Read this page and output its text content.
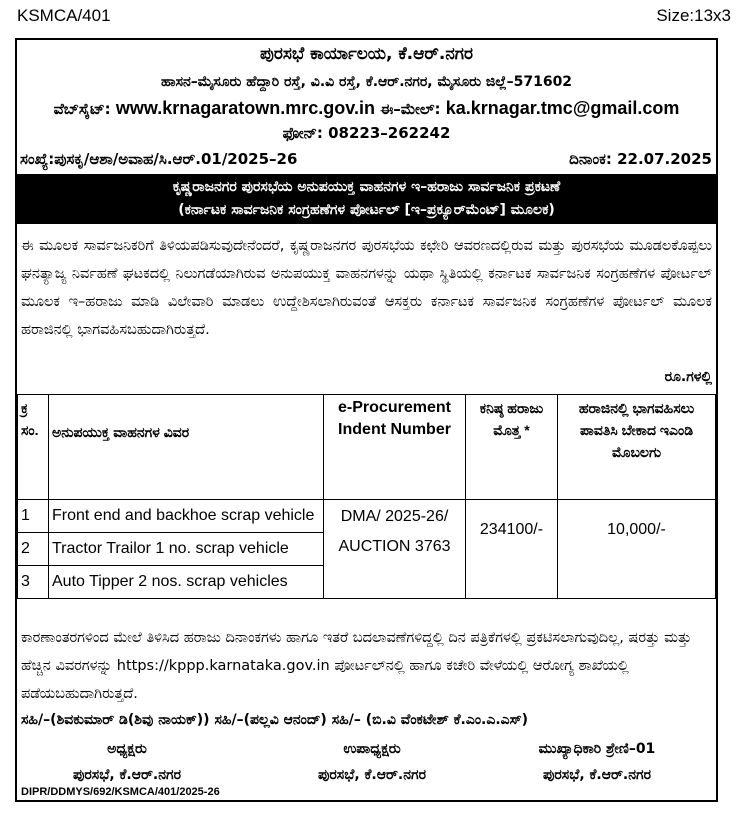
KSMCA/401	Size:13x3
ಪುರಸಭೆ ಕಾರ್ಯಾಲಯ, ಕೆ.ಆರ್.ನಗರ
ಹಾಸನ–ಮೈಸೂರು ಹೆದ್ದಾರಿ ರಸ್ತೆ, ವಿ.ವಿ ರಸ್ತೆ, ಕೆ.ಆರ್.ನಗರ, ಮೈಸೂರು ಜಿಲ್ಲೆ–571602
ವೆಬ್‌ಸೈಟ್: www.krnagaratown.mrc.gov.in ಈ–ಮೇಲ್: ka.krnagar.tmc@gmail.com
ಫೋನ್: 08223–262242
ಸಂಖ್ಯೆ:ಪುಸಕೃ/ಆಶಾ/ಅವಾಹ/ಸಿ.ಆರ್.01/2025–26	ದಿನಾಂಕ: 22.07.2025
ಕೃಷ್ಣರಾಜನಗರ ಪುರಸಭೆಯ ಅನುಪಯುಕ್ತ ವಾಹನಗಳ ಇ–ಹರಾಜು ಸಾರ್ವಜನಿಕ ಪ್ರಕಟಣೆ
(ಕರ್ನಾಟಕ ಸಾರ್ವಜನಿಕ ಸಂಗ್ರಹಣೆಗಳ ಪೋರ್ಟಲ್ [ಇ–ಪ್ರಕ್ಯೂರ್‌ಮೆಂಟ್] ಮೂಲಕ)
ಈ ಮೂಲಕ ಸಾರ್ವಜನಿಕರಿಗೆ ತಿಳಿಯಪಡಿಸುವುದೇನೆಂದರೆ, ಕೃಷ್ಣರಾಜನಗರ ಪುರಸಭೆಯ ಕಛೇರಿ ಆವರಣದಲ್ಲಿರುವ ಮತ್ತು ಪುರಸಭೆಯ ಮೂಡಲಕೊಪ್ಪಲು ಘನತ್ಯಾಜ್ಯ ನಿರ್ವಹಣೆ ಘಟಕದಲ್ಲಿ ನಿಲುಗಡೆಯಾಗಿರುವ ಅನುಪಯುಕ್ತ ವಾಹನಗಳನ್ನು ಯಥಾ ಸ್ಥಿತಿಯಲ್ಲಿ ಕರ್ನಾಟಕ ಸಾರ್ವಜನಿಕ ಸಂಗ್ರಹಣೆಗಳ ಪೋರ್ಟಲ್ ಮೂಲಕ ಇ–ಹರಾಜು ಮಾಡಿ ವಿಲೇವಾರಿ ಮಾಡಲು ಉದ್ದೇಶಿಸಲಾಗಿರುವಂತೆ ಆಸಕ್ತರು ಕರ್ನಾಟಕ ಸಾರ್ವಜನಿಕ ಸಂಗ್ರಹಣೆಗಳ ಪೋರ್ಟಲ್ ಮೂಲಕ ಹರಾಜಿನಲ್ಲಿ ಭಾಗವಹಿಸಬಹುದಾಗಿರುತ್ತದೆ.
ರೂ.ಗಳಲ್ಲಿ
ಕ್ರ ಸಂ.	ಅನುಪಯುಕ್ತ ವಾಹನಗಳ ವಿವರ	e-Procurement Indent Number	ಕನಿಷ್ಠ ಹರಾಜು ಮೊತ್ತ *	ಹರಾಜಿನಲ್ಲಿ ಭಾಗವಹಿಸಲು ಪಾವತಿಸಿ ಬೇಕಾದ ಇಎಂಡಿ ಮೊಬಲಗು
1	Front end and backhoe scrap vehicle	DMA/ 2025-26/ AUCTION 3763	234100/-	10,000/-
2	Tractor Trailor 1 no. scrap vehicle			
3	Auto Tipper 2 nos. scrap vehicles			
ಕಾರಣಾಂತರಗಳಿಂದ ಮೇಲೆ ತಿಳಿಸಿದ ಹರಾಜು ದಿನಾಂಕಗಳು ಹಾಗೂ ಇತರೆ ಬದಲಾವಣೆಗಳಿದ್ದಲ್ಲಿ ದಿನ ಪತ್ರಿಕೆಗಳಲ್ಲಿ ಪ್ರಕಟಿಸಲಾಗುವುದಿಲ್ಲ, ಷರತ್ತು ಮತ್ತು ಹೆಚ್ಚಿನ ವಿವರಗಳನ್ನು https://kppp.karnataka.gov.in ಪೋರ್ಟಲ್‌ನಲ್ಲಿ ಹಾಗೂ ಕಚೇರಿ ವೇಳೆಯಲ್ಲಿ ಆರೋಗ್ಯ ಶಾಖೆಯಲ್ಲಿ ಪಡೆಯಬಹುದಾಗಿರುತ್ತದೆ.
ಸಹಿ/–(ಶಿವಕುಮಾರ್ ಡಿ(ಶಿವು ನಾಯಕ್)) ಸಹಿ/–(ಪಲ್ಲವಿ ಆನಂದ್) ಸಹಿ/– (ಬಿ.ವಿ ವೆಂಕಟೇಶ್ ಕೆ.ಎಂ.ಎ.ಎಸ್)
ಅಧ್ಯಕ್ಷರು
ಪುರಸಭೆ, ಕೆ.ಆರ್.ನಗರ
ಉಪಾಧ್ಯಕ್ಷರು
ಪುರಸಭೆ, ಕೆ.ಆರ್.ನಗರ
ಮುಖ್ಯಾಧಿಕಾರಿ ಶ್ರೇಣಿ–01
ಪುರಸಭೆ, ಕೆ.ಆರ್.ನಗರ
DIPR/DDMYS/692/KSMCA/401/2025-26
